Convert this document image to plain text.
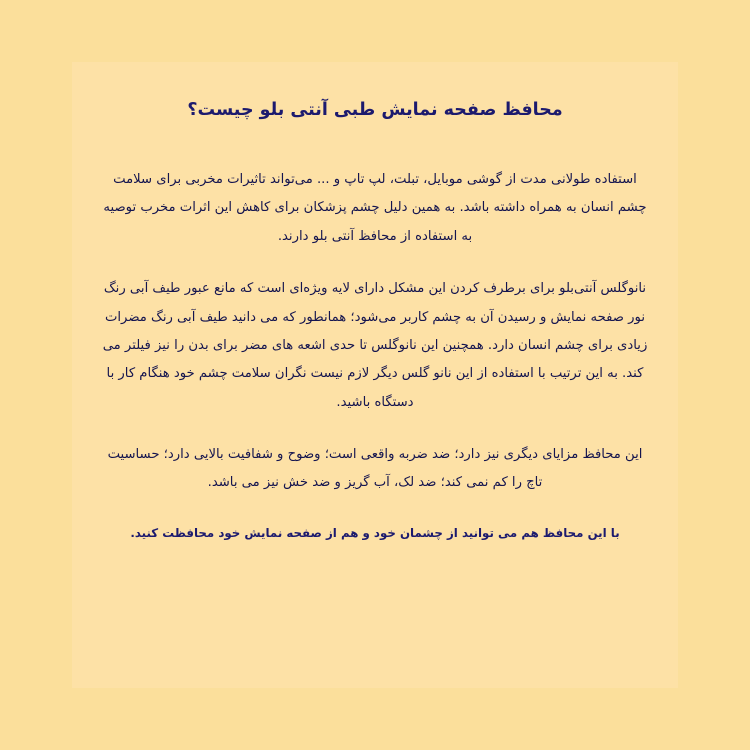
محافظ صفحه نمایش طبی آنتی بلو چیست؟

استفاده طولانی مدت از گوشی موبایل، تبلت، لپ تاپ و ... می‌تواند تاثیرات مخربی برای سلامت چشم انسان به همراه داشته باشد. به همین دلیل چشم پزشکان برای کاهش این اثرات مخرب توصیه به استفاده از محافظ آنتی بلو دارند.

نانوگلس آنتی‌بلو برای برطرف کردن این مشکل دارای لایه ویژه‌ای است که مانع عبور طیف آبی رنگ نور صفحه نمایش و رسیدن آن به چشم کاربر می‌شود؛ همانطور که می دانید طیف آبی رنگ مضرات زیادی برای چشم انسان دارد. همچنین این نانوگلس تا حدی اشعه های مضر برای بدن را نیز فیلتر می کند. به این ترتیب با استفاده از این نانو گلس دیگر لازم نیست نگران سلامت چشم خود هنگام کار با دستگاه باشید.

این محافظ مزایای دیگری نیز دارد؛ ضد ضربه واقعی است؛ وضوح و شفافیت بالایی دارد؛ حساسیت تاچ را کم نمی کند؛ ضد لک، آب گریز و ضد خش نیز می باشد.

با این محافظ هم می توانید از چشمان خود و هم از صفحه نمایش خود محافظت کنید.
